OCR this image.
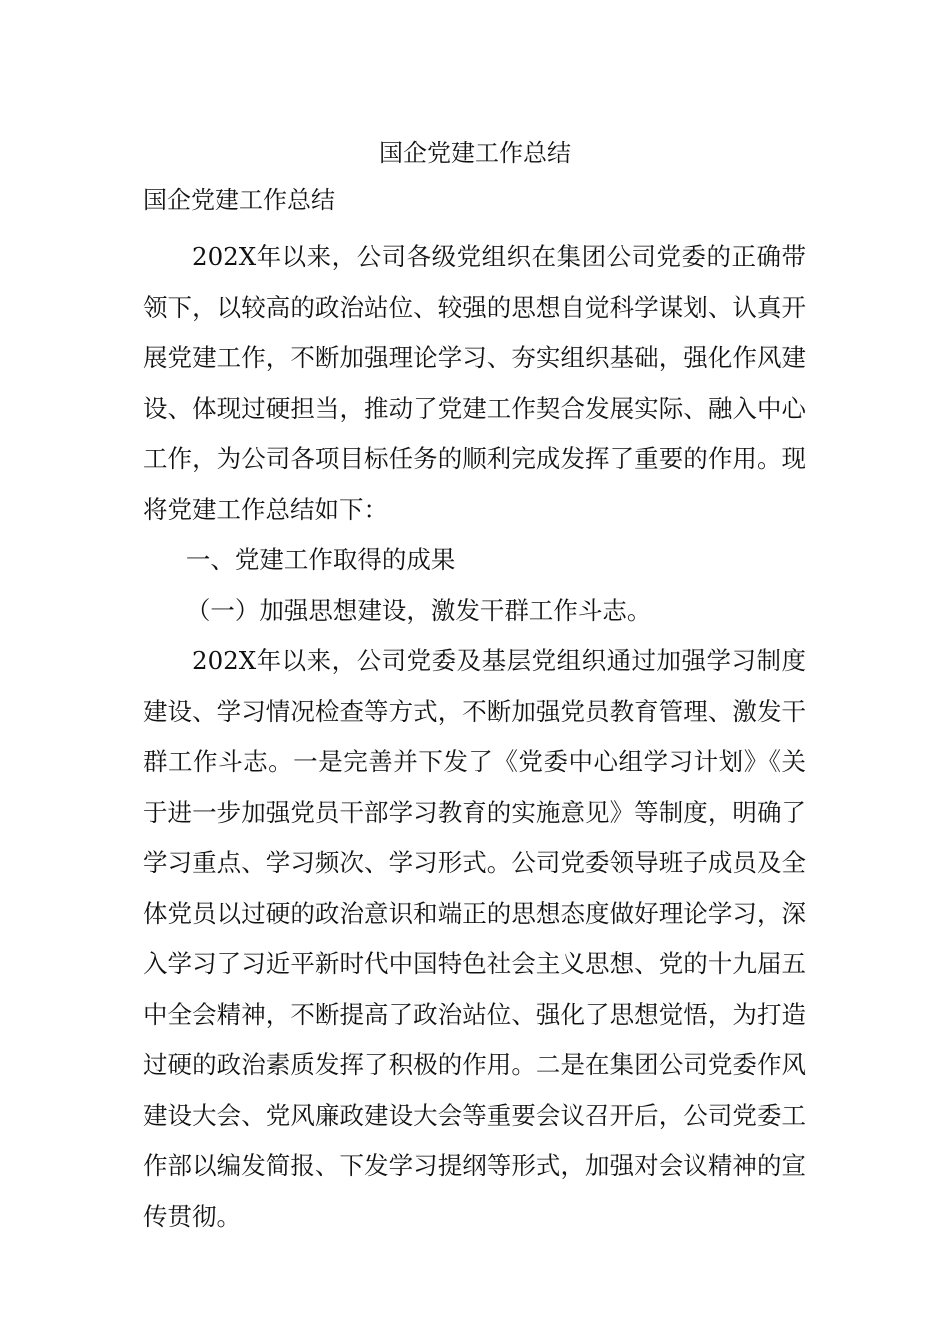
国企党建工作总结
国企党建工作总结

202X年以来，公司各级党组织在集团公司党委的正确带领下，以较高的政治站位、较强的思想自觉科学谋划、认真开展党建工作，不断加强理论学习、夯实组织基础，强化作风建设、体现过硬担当，推动了党建工作契合发展实际、融入中心工作，为公司各项目标任务的顺利完成发挥了重要的作用。现将党建工作总结如下：

一、党建工作取得的成果

（一）加强思想建设，激发干群工作斗志。

202X年以来，公司党委及基层党组织通过加强学习制度建设、学习情况检查等方式，不断加强党员教育管理、激发干群工作斗志。一是完善并下发了《党委中心组学习计划》《关于进一步加强党员干部学习教育的实施意见》等制度，明确了学习重点、学习频次、学习形式。公司党委领导班子成员及全体党员以过硬的政治意识和端正的思想态度做好理论学习，深入学习了习近平新时代中国特色社会主义思想、党的十九届五中全会精神，不断提高了政治站位、强化了思想觉悟，为打造过硬的政治素质发挥了积极的作用。二是在集团公司党委作风建设大会、党风廉政建设大会等重要会议召开后，公司党委工作部以编发简报、下发学习提纲等形式，加强对会议精神的宣传贯彻。
